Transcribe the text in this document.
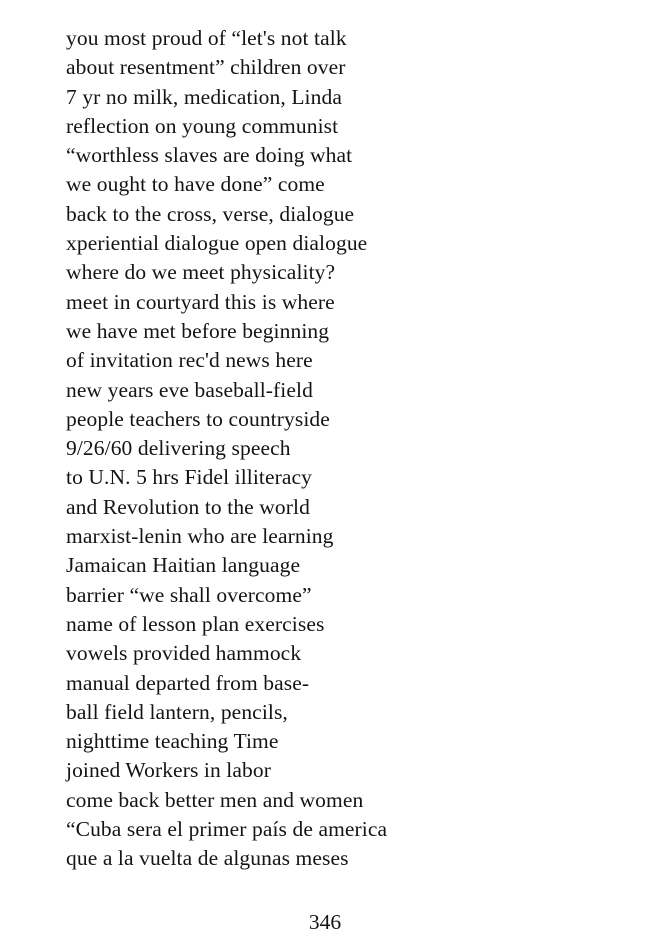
you most proud of “let's not talk
about resentment” children over
7 yr no milk, medication, Linda
reflection on young communist
“worthless slaves are doing what
we ought to have done” come
back to the cross, verse, dialogue
xperiential dialogue open dialogue
where do we meet physicality?
meet in courtyard this is where
we have met before beginning
of invitation rec'd news here
new years eve baseball-field
people teachers to countryside
9/26/60 delivering speech
to U.N. 5 hrs Fidel illiteracy
and Revolution to the world
marxist-lenin who are learning
Jamaican Haitian language
barrier “we shall overcome”
name of lesson plan exercises
vowels provided hammock
manual departed from base-
ball field lantern, pencils,
nighttime teaching Time
joined Workers in labor
come back better men and women
“Cuba sera el primer país de america
que a la vuelta de algunas meses
346
